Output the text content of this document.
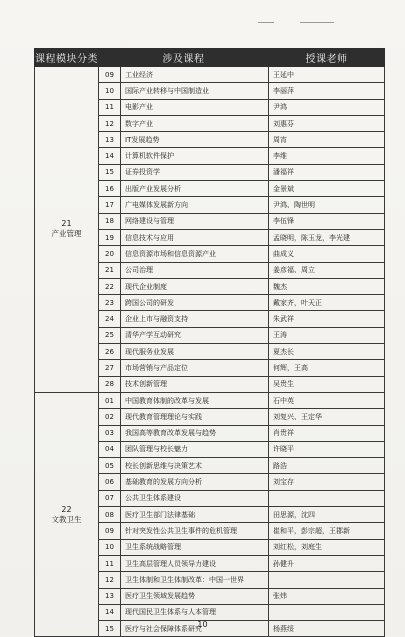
课程模块分类	涉及课程		授课老师

21
产业管理	09	工业经济	王延中
	10	国际产业转移与中国制造业	李丽萍
	11	电影产业	尹鸿
	12	数字产业	刘惠芬
	13	IT发展趋势	周宵
	14	计算机软件保护	李维
	15	证券投资学	潘福祥
	16	出版产业发展分析	金景斌
	17	广电媒体发展新方向	尹鸿、陶世明
	18	网络建设与管理	李伍锋
	19	信息技术与应用	孟晓明，陈玉龙，李光建
	20	信息资源市场和信息资源产业	曲成义
	21	公司治理	姜彦福、周立
	22	现代企业制度	魏杰
	23	跨国公司的研发	戴家齐，叶天正
	24	企业上市与融资支持	朱武祥
	25	清华产学互动研究	王涛
	26	现代服务业发展	夏杰长
	27	市场营销与产品定位	何辉，王高
	28	技术创新管理	吴贵生

22
文教卫生	01	中国教育体制的改革与发展	石中英
	02	现代教育管理理论与实践	刘复兴、王定华
	03	我国高等教育改革发展与趋势	肖贵祥
	04	团队管理与校长魅力	许晓平
	05	校长创新思维与决策艺术	路浩
	06	基础教育的发展方向分析	刘宝存
	07	公共卫生体系建设	
	08	医疗卫生部门法律基础	田思源，沈四
	09	针对突发性公共卫生事件的危机管理	崔和平，彭宗超，王郡新
	10	卫生系统战略管理	刘红松，刘庭生
	11	卫生高层管理人员领导力建设	孙健升
	12	卫生体制和卫生体制改革：中国一世界	
	13	医疗卫生领域发展趋势	张炜
	14	现代国民卫生体系与人本管理	
	15	医疗与社会保障体系研究	杨燕绥
10
